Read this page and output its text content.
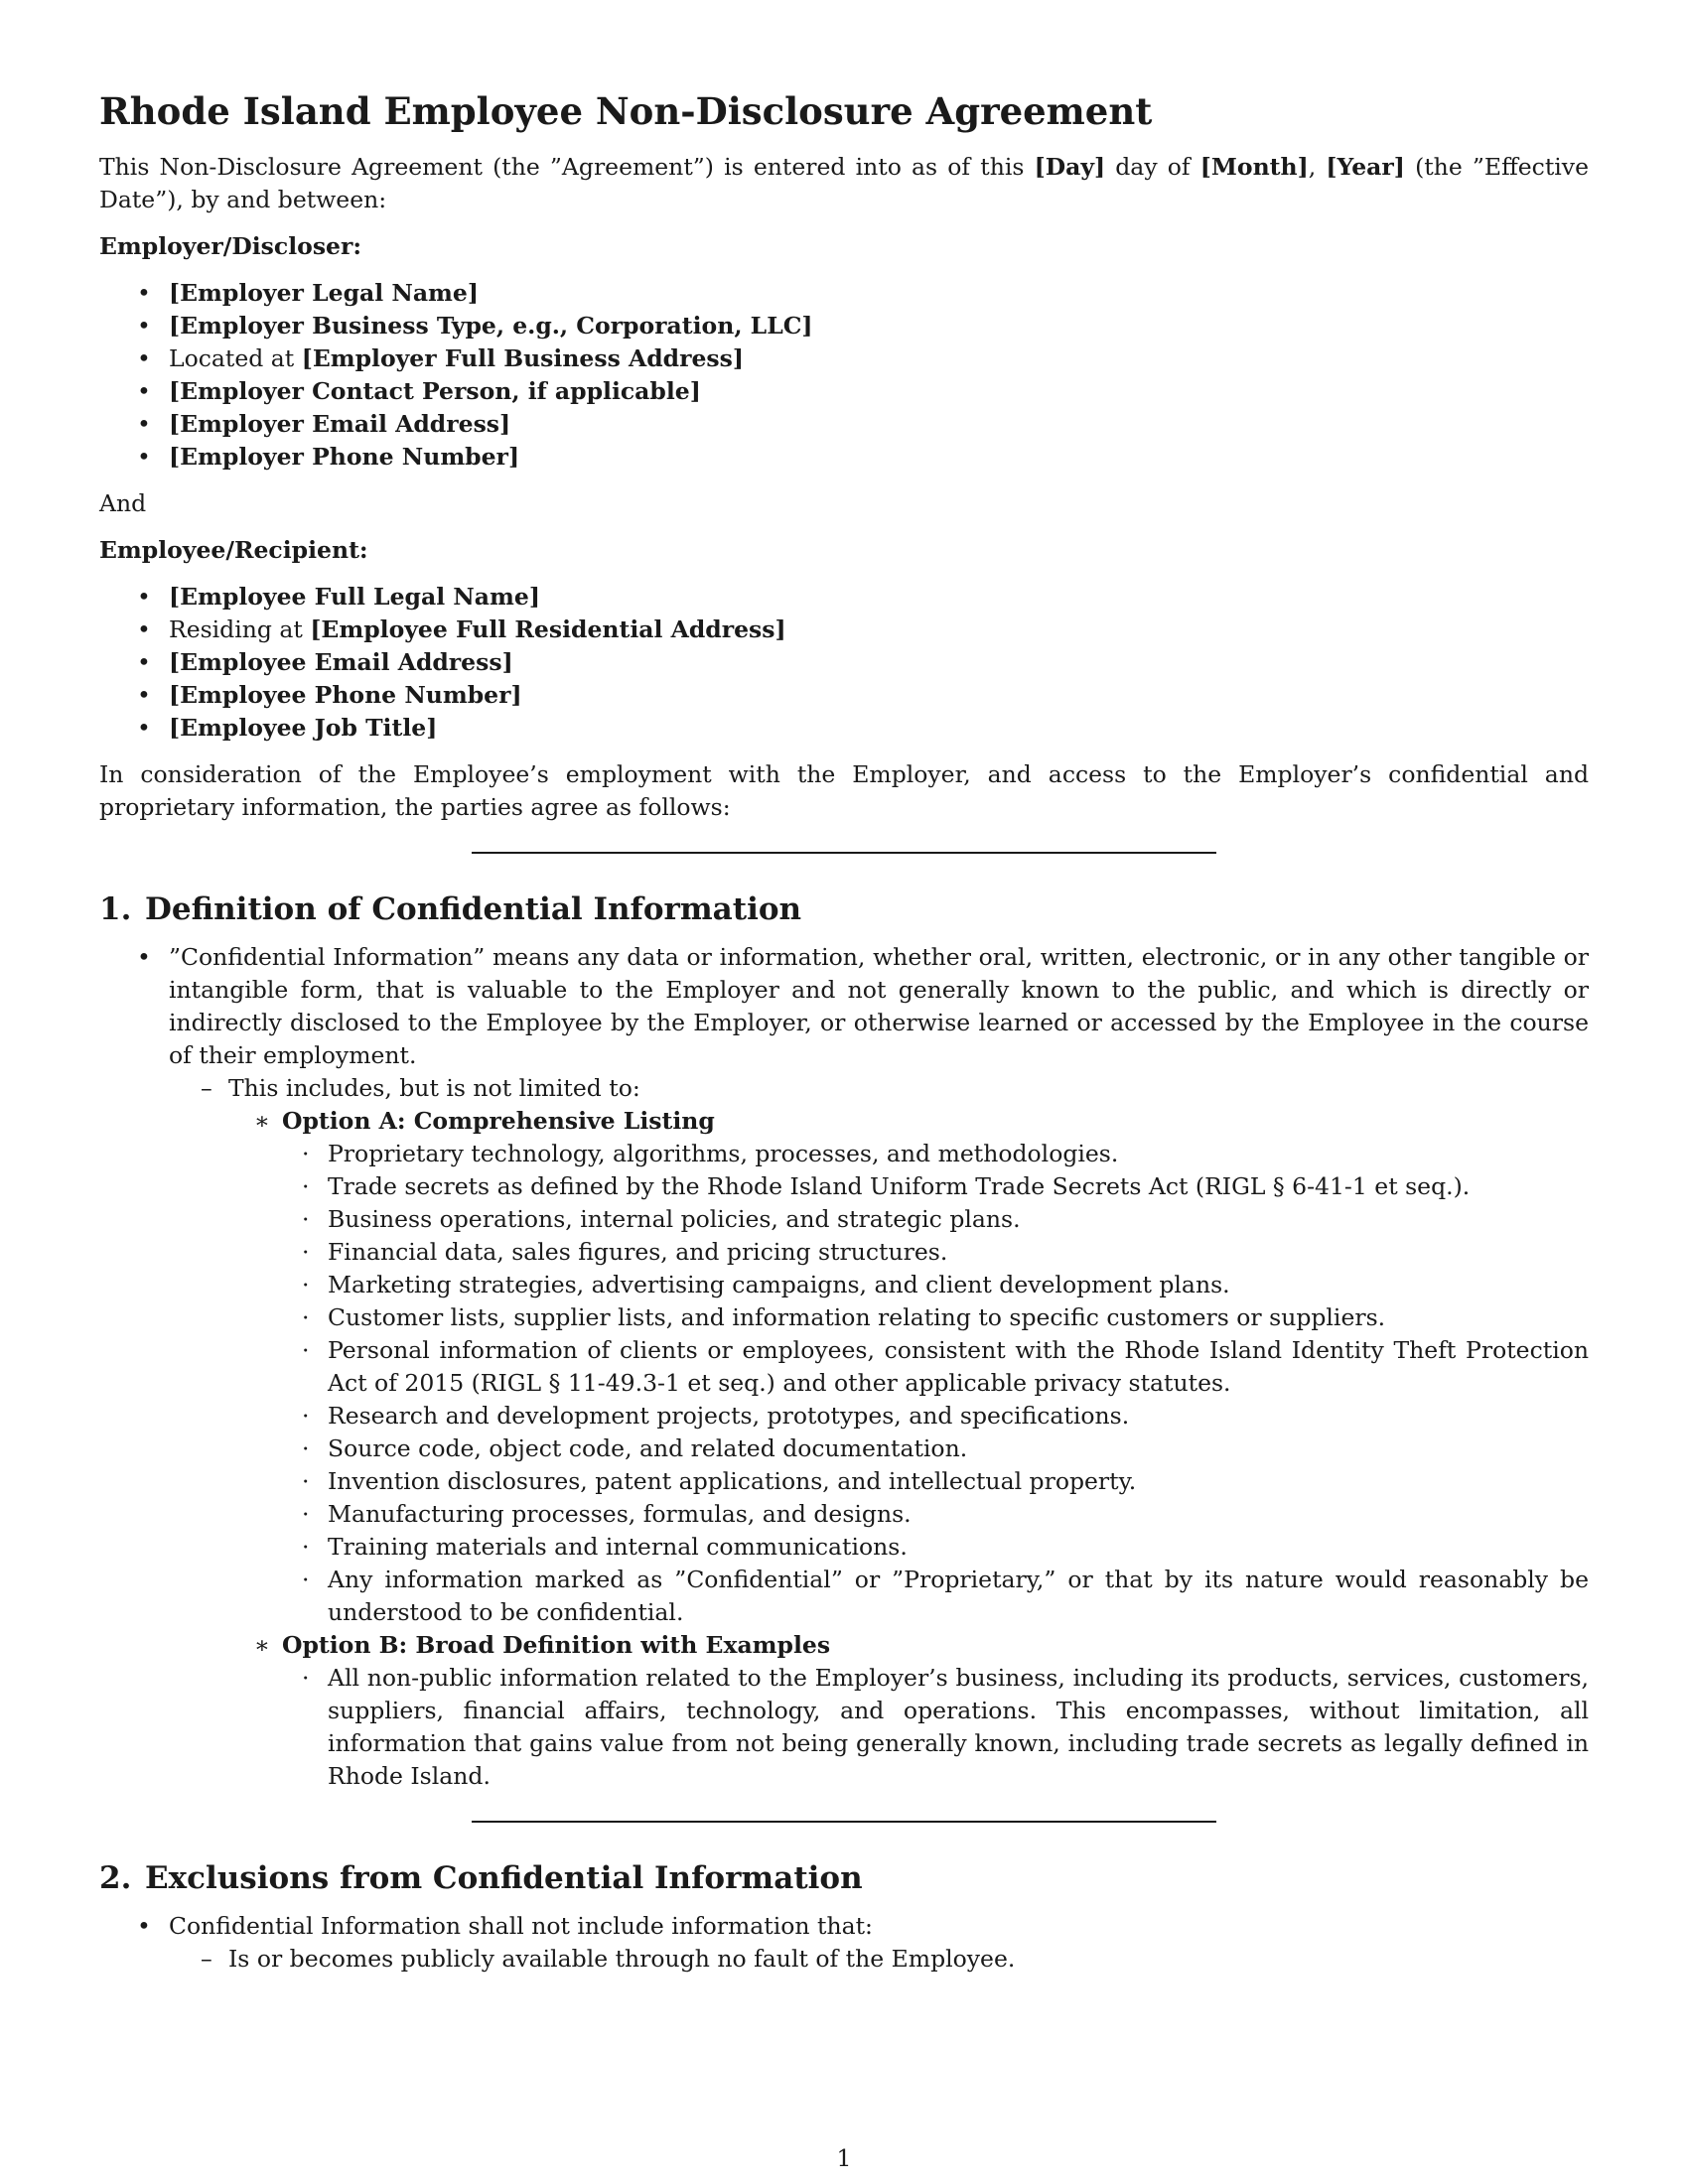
Rhode Island Employee Non-Disclosure Agreement

This Non-Disclosure Agreement (the ”Agreement”) is entered into as of this [Day] day of [Month], [Year] (the ”Effective Date”), by and between:

Employer/Discloser:
• [Employer Legal Name]
• [Employer Business Type, e.g., Corporation, LLC]
• Located at [Employer Full Business Address]
• [Employer Contact Person, if applicable]
• [Employer Email Address]
• [Employer Phone Number]

And

Employee/Recipient:
• [Employee Full Legal Name]
• Residing at [Employee Full Residential Address]
• [Employee Email Address]
• [Employee Phone Number]
• [Employee Job Title]

In consideration of the Employee’s employment with the Employer, and access to the Employer’s confidential and proprietary information, the parties agree as follows:

1. Definition of Confidential Information
• ”Confidential Information” means any data or information, whether oral, written, electronic, or in any other tangible or intangible form, that is valuable to the Employer and not generally known to the public, and which is directly or indirectly disclosed to the Employee by the Employer, or otherwise learned or accessed by the Employee in the course of their employment.
– This includes, but is not limited to:
∗ Option A: Comprehensive Listing
· Proprietary technology, algorithms, processes, and methodologies.
· Trade secrets as defined by the Rhode Island Uniform Trade Secrets Act (RIGL § 6-41-1 et seq.).
· Business operations, internal policies, and strategic plans.
· Financial data, sales figures, and pricing structures.
· Marketing strategies, advertising campaigns, and client development plans.
· Customer lists, supplier lists, and information relating to specific customers or suppliers.
· Personal information of clients or employees, consistent with the Rhode Island Identity Theft Protection Act of 2015 (RIGL § 11-49.3-1 et seq.) and other applicable privacy statutes.
· Research and development projects, prototypes, and specifications.
· Source code, object code, and related documentation.
· Invention disclosures, patent applications, and intellectual property.
· Manufacturing processes, formulas, and designs.
· Training materials and internal communications.
· Any information marked as ”Confidential” or ”Proprietary,” or that by its nature would reasonably be understood to be confidential.
∗ Option B: Broad Definition with Examples
· All non-public information related to the Employer’s business, including its products, services, customers, suppliers, financial affairs, technology, and operations. This encompasses, without limitation, all information that gains value from not being generally known, including trade secrets as legally defined in Rhode Island.
2. Exclusions from Confidential Information
• Confidential Information shall not include information that:
– Is or becomes publicly available through no fault of the Employee.
1
